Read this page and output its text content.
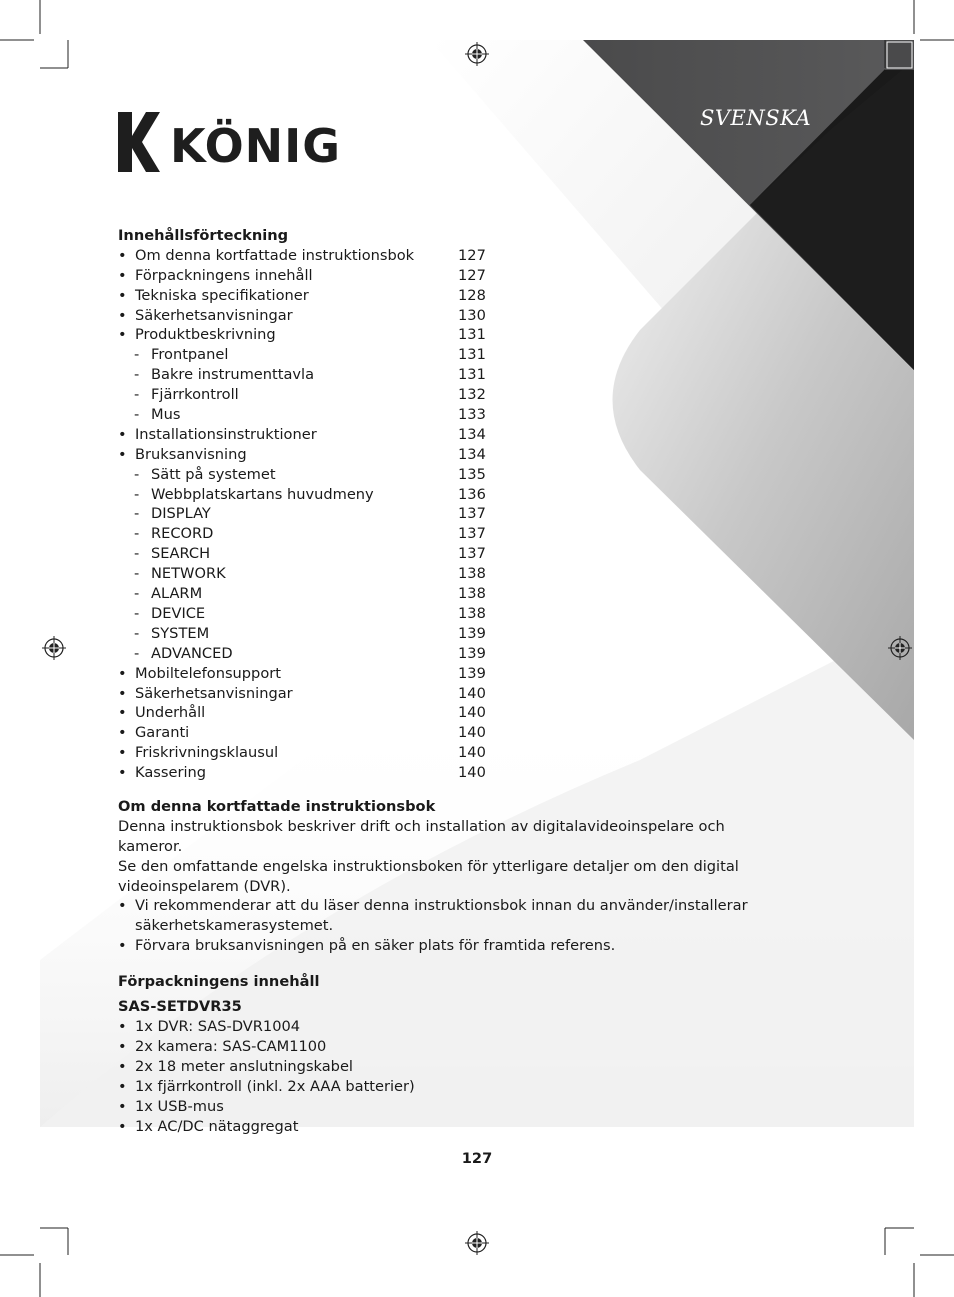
KÖNIG
SVENSKA
Innehållsförteckning
• Om denna kortfattade instruktionsbok	127
• Förpackningens innehåll	127
• Tekniska specifikationer	128
• Säkerhetsanvisningar	130
• Produktbeskrivning	131
- Frontpanel	131
- Bakre instrumenttavla	131
- Fjärrkontroll	132
- Mus	133
• Installationsinstruktioner	134
• Bruksanvisning	134
- Sätt på systemet	135
- Webbplatskartans huvudmeny	136
- DISPLAY	137
- RECORD	137
- SEARCH	137
- NETWORK	138
- ALARM	138
- DEVICE	138
- SYSTEM	139
- ADVANCED	139
• Mobiltelefonsupport	139
• Säkerhetsanvisningar	140
• Underhåll	140
• Garanti	140
• Friskrivningsklausul	140
• Kassering	140
Om denna kortfattade instruktionsbok
Denna instruktionsbok beskriver drift och installation av digitalavideoinspelare och kameror.
Se den omfattande engelska instruktionsboken för ytterligare detaljer om den digital
videoinspelarem (DVR).
• Vi rekommenderar att du läser denna instruktionsbok innan du använder/installerar
säkerhetskamerasystemet.
• Förvara bruksanvisningen på en säker plats för framtida referens.
Förpackningens innehåll
SAS-SETDVR35
• 1x DVR: SAS-DVR1004
• 2x kamera: SAS-CAM1100
• 2x 18 meter anslutningskabel
• 1x fjärrkontroll (inkl. 2x AAA batterier)
• 1x USB-mus
• 1x AC/DC nätaggregat
127
